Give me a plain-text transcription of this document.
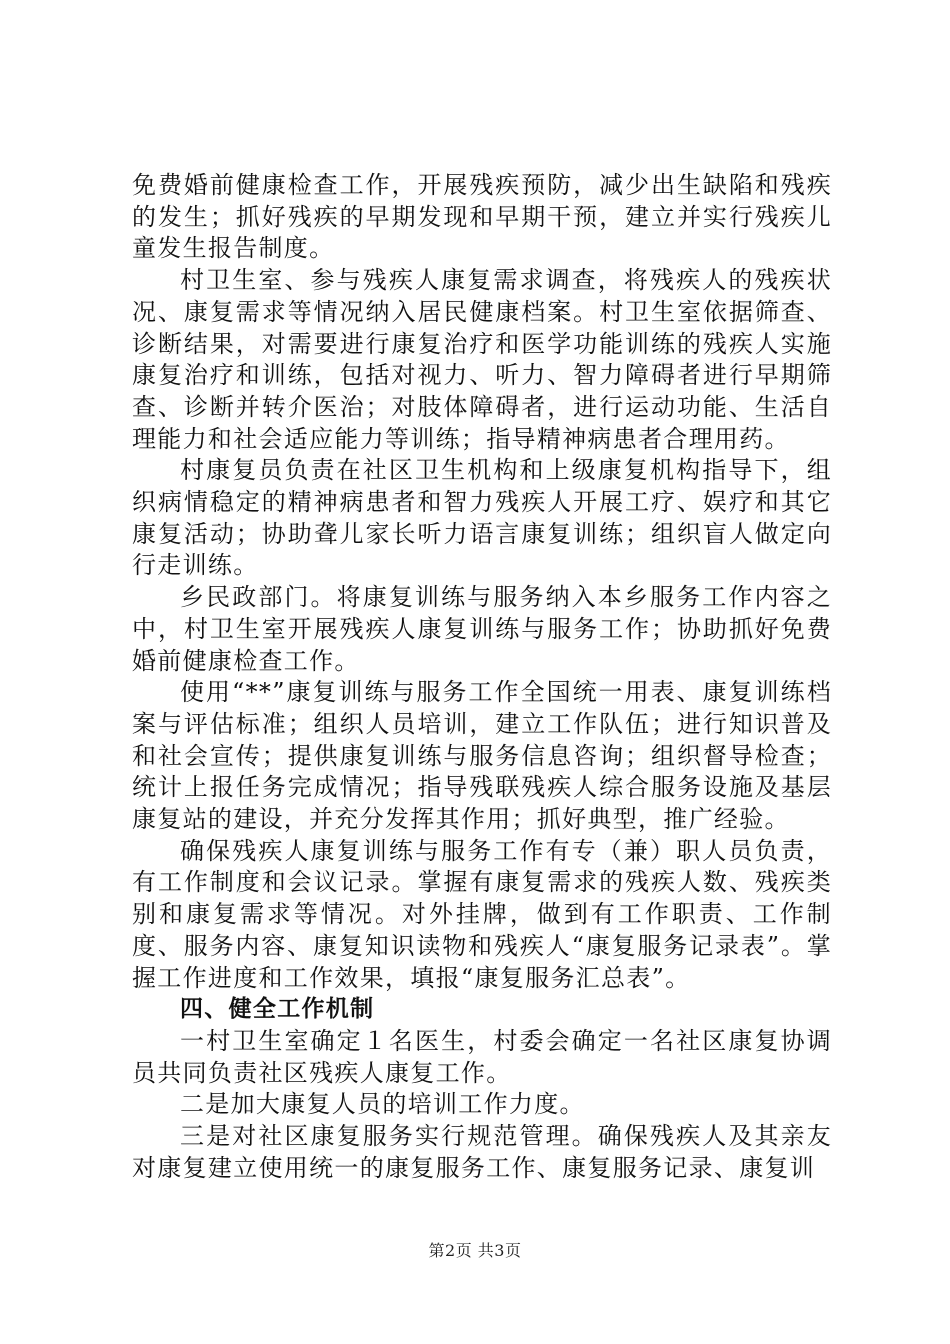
免费婚前健康检查工作，开展残疾预防，减少出生缺陷和残疾的发生；抓好残疾的早期发现和早期干预，建立并实行残疾儿童发生报告制度。

村卫生室、参与残疾人康复需求调查，将残疾人的残疾状况、康复需求等情况纳入居民健康档案。村卫生室依据筛查、诊断结果，对需要进行康复治疗和医学功能训练的残疾人实施康复治疗和训练，包括对视力、听力、智力障碍者进行早期筛查、诊断并转介医治；对肢体障碍者，进行运动功能、生活自理能力和社会适应能力等训练；指导精神病患者合理用药。

村康复员负责在社区卫生机构和上级康复机构指导下，组织病情稳定的精神病患者和智力残疾人开展工疗、娱疗和其它康复活动；协助聋儿家长听力语言康复训练；组织盲人做定向行走训练。

乡民政部门。将康复训练与服务纳入本乡服务工作内容之中，村卫生室开展残疾人康复训练与服务工作；协助抓好免费婚前健康检查工作。

使用“**”康复训练与服务工作全国统一用表、康复训练档案与评估标准；组织人员培训，建立工作队伍；进行知识普及和社会宣传；提供康复训练与服务信息咨询；组织督导检查；统计上报任务完成情况；指导残联残疾人综合服务设施及基层康复站的建设，并充分发挥其作用；抓好典型，推广经验。

确保残疾人康复训练与服务工作有专（兼）职人员负责，有工作制度和会议记录。掌握有康复需求的残疾人数、残疾类别和康复需求等情况。对外挂牌，做到有工作职责、工作制度、服务内容、康复知识读物和残疾人“康复服务记录表”。掌握工作进度和工作效果，填报“康复服务汇总表”。

四、健全工作机制

一村卫生室确定１名医生，村委会确定一名社区康复协调员共同负责社区残疾人康复工作。

二是加大康复人员的培训工作力度。

三是对社区康复服务实行规范管理。确保残疾人及其亲友对康复建立使用统一的康复服务工作、康复服务记录、康复训

第2页 共3页
